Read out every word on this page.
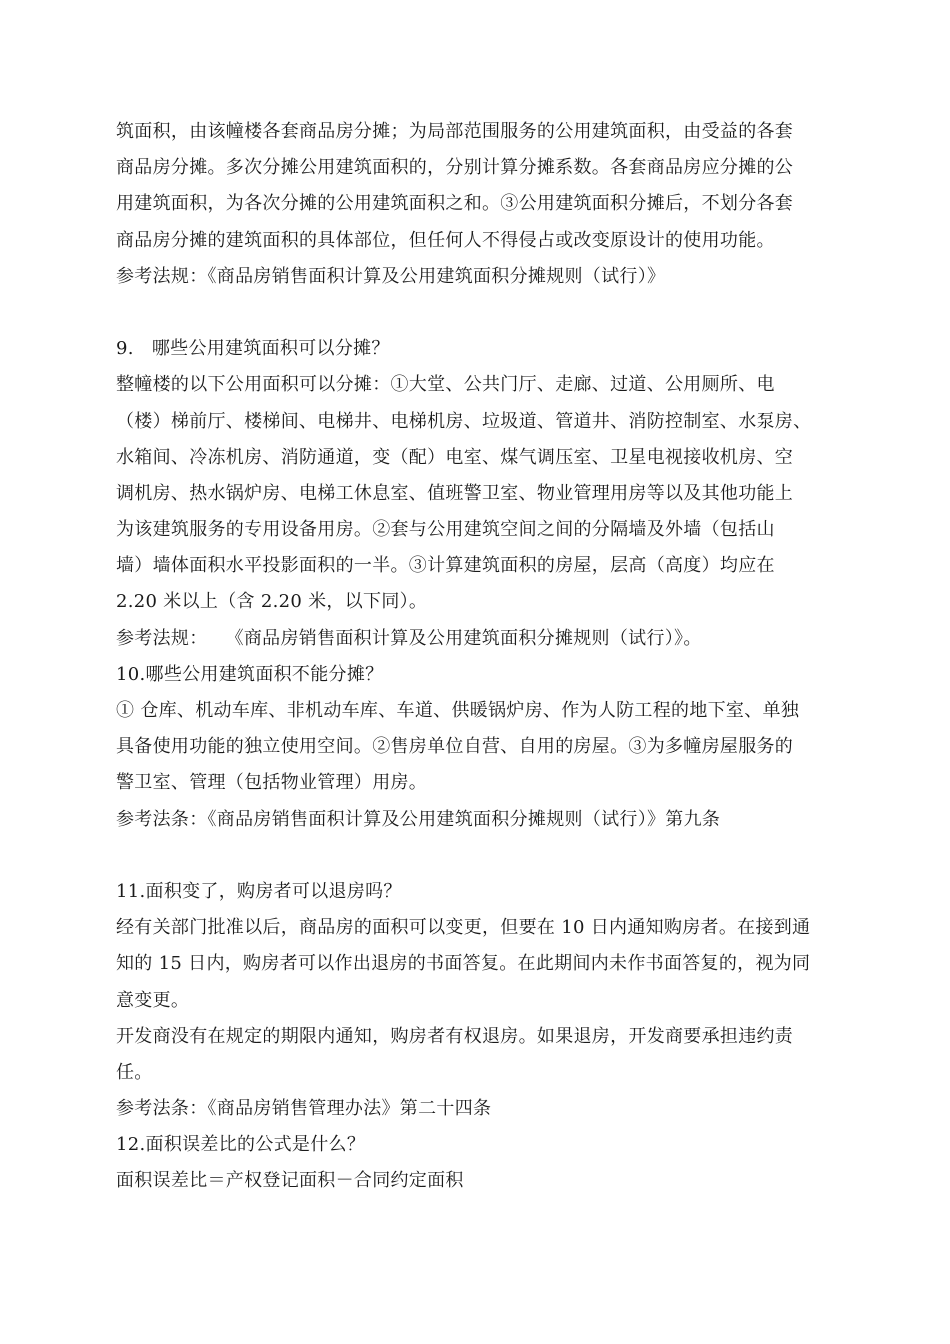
筑面积，由该幢楼各套商品房分摊；为局部范围服务的公用建筑面积，由受益的各套
商品房分摊。多次分摊公用建筑面积的，分别计算分摊系数。各套商品房应分摊的公
用建筑面积，为各次分摊的公用建筑面积之和。③公用建筑面积分摊后，不划分各套
商品房分摊的建筑面积的具体部位，但任何人不得侵占或改变原设计的使用功能。
参考法规：《商品房销售面积计算及公用建筑面积分摊规则（试行）》
9.   哪些公用建筑面积可以分摊？
整幢楼的以下公用面积可以分摊：①大堂、公共门厅、走廊、过道、公用厕所、电
（楼）梯前厅、楼梯间、电梯井、电梯机房、垃圾道、管道井、消防控制室、水泵房、
水箱间、冷冻机房、消防通道，变（配）电室、煤气调压室、卫星电视接收机房、空
调机房、热水锅炉房、电梯工休息室、值班警卫室、物业管理用房等以及其他功能上
为该建筑服务的专用设备用房。②套与公用建筑空间之间的分隔墙及外墙（包括山
墙）墙体面积水平投影面积的一半。③计算建筑面积的房屋，层高（高度）均应在
2.20 米以上（含 2.20 米，以下同）。
参考法规：   《商品房销售面积计算及公用建筑面积分摊规则（试行）》。
10.哪些公用建筑面积不能分摊？
① 仓库、机动车库、非机动车库、车道、供暖锅炉房、作为人防工程的地下室、单独
具备使用功能的独立使用空间。②售房单位自营、自用的房屋。③为多幢房屋服务的
警卫室、管理（包括物业管理）用房。
参考法条：《商品房销售面积计算及公用建筑面积分摊规则（试行）》第九条
11.面积变了，购房者可以退房吗？
经有关部门批准以后，商品房的面积可以变更，但要在 10 日内通知购房者。在接到通
知的 15 日内，购房者可以作出退房的书面答复。在此期间内未作书面答复的，视为同
意变更。
开发商没有在规定的期限内通知，购房者有权退房。如果退房，开发商要承担违约责
任。
参考法条：《商品房销售管理办法》第二十四条
12.面积误差比的公式是什么？
面积误差比＝产权登记面积－合同约定面积
